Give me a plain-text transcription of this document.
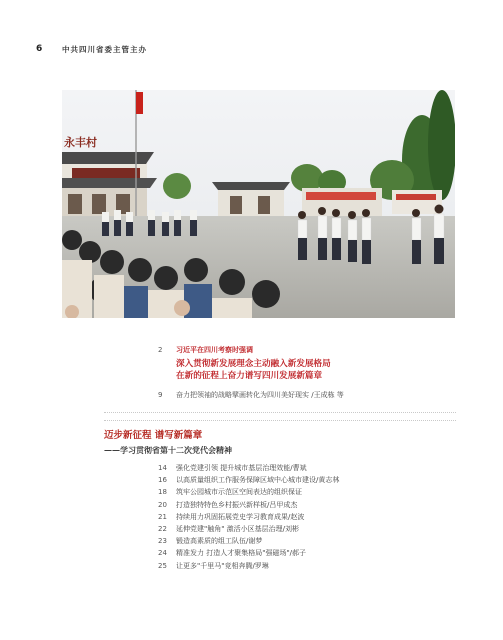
6	中共四川省委主管主办
永丰村
2	习近平在四川考察时强调
深入贯彻新发展理念主动融入新发展格局
在新的征程上奋力谱写四川发展新篇章
9	奋力把领袖的战略擘画转化为四川美好现实 /王成栋 等
迈步新征程 谱写新篇章
——学习贯彻省第十二次党代会精神
14	强化党建引领 提升城市基层治理效能/曹斌
16	以高质量组织工作服务保障区域中心城市建设/黄志林
18	筑牢公园城市示范区空间表达的组织保证
20	打造独特特色乡村振兴新样板/吕甲成杰
21	持续用力巩固拓展党史学习教育成果/赵波
22	延伸党建"触角" 激活小区基层治理/刘彬
23	锻造高素质的组工队伍/谢梦
24	精准发力 打造人才聚集格局"强磁场"/郝子
25	让更多"千里马"竞相奔腾/罗琳
